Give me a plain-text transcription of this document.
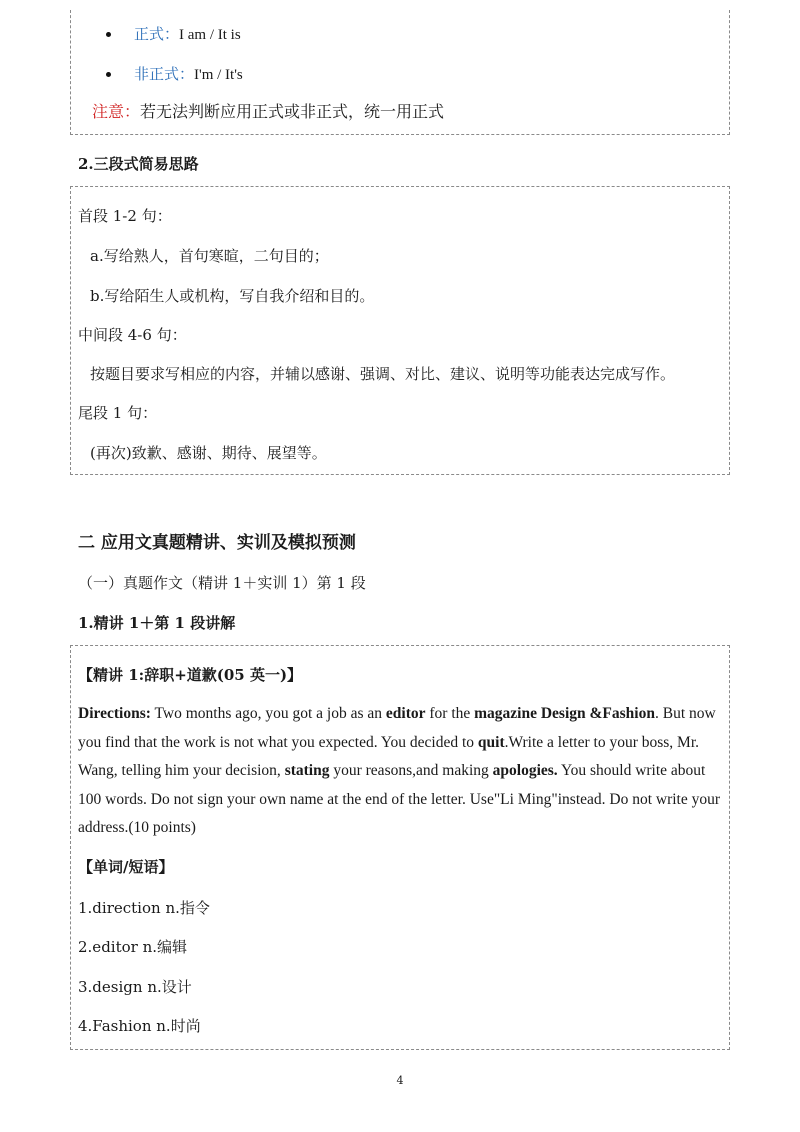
正式：I am / It is
非正式：I'm / It's
注意：若无法判断应用正式或非正式，统一用正式
2.三段式简易思路
首段 1-2 句：
a.写给熟人，首句寒暄，二句目的；
b.写给陌生人或机构，写自我介绍和目的。
中间段 4-6 句：
按题目要求写相应的内容，并辅以感谢、强调、对比、建议、说明等功能表达完成写作。
尾段 1 句：
(再次)致歉、感谢、期待、展望等。
二 应用文真题精讲、实训及模拟预测
（一）真题作文（精讲 1＋实训 1）第 1 段
1.精讲 1＋第 1 段讲解
【精讲 1:辞职+道歉(05 英一)】

Directions: Two months ago, you got a job as an editor for the magazine Design &Fashion. But now you find that the work is not what you expected. You decided to quit.Write a letter to your boss, Mr. Wang, telling him your decision, stating your reasons,and making apologies. You should write about 100 words. Do not sign your own name at the end of the letter. Use"Li Ming"instead. Do not write your address.(10 points)

【单词/短语】
1.direction n.指令
2.editor n.编辑
3.design n.设计
4.Fashion n.时尚
4
